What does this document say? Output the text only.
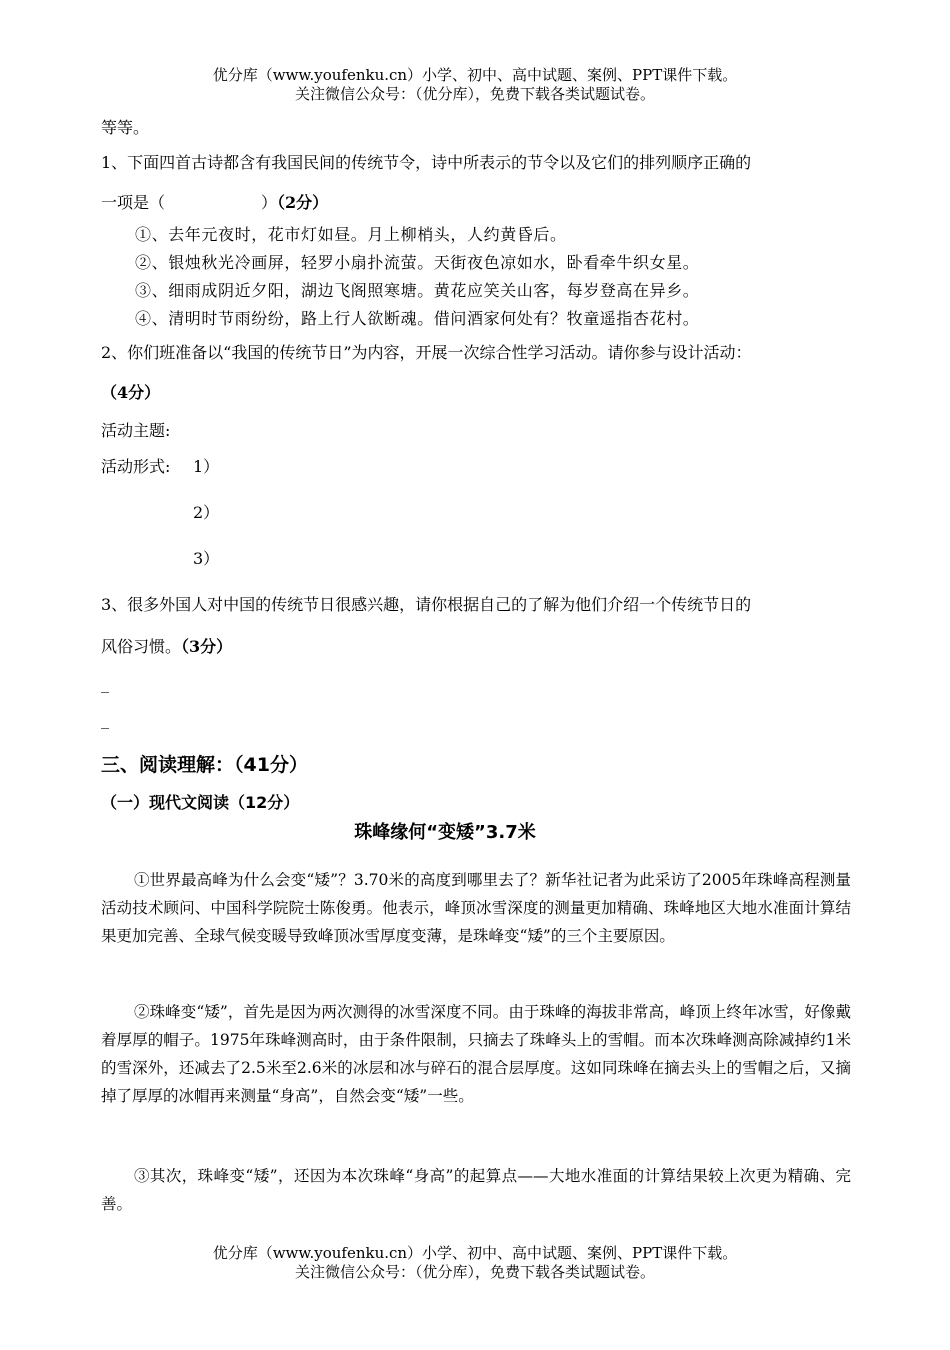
优分库（www.youfenku.cn）小学、初中、高中试题、案例、PPT课件下载。
关注微信公众号：（优分库），免费下载各类试题试卷。
等等。
1、下面四首古诗都含有我国民间的传统节令，诗中所表示的节令以及它们的排列顺序正确的
一项是（　　　　　　）（2分）
①、去年元夜时，花市灯如昼。月上柳梢头，人约黄昏后。
②、银烛秋光冷画屏，轻罗小扇扑流萤。天街夜色凉如水，卧看牵牛织女星。
③、细雨成阴近夕阳，湖边飞阁照寒塘。黄花应笑关山客，每岁登高在异乡。
④、清明时节雨纷纷，路上行人欲断魂。借问酒家何处有？牧童遥指杏花村。
2、你们班准备以“我国的传统节日”为内容，开展一次综合性学习活动。请你参与设计活动：
（4分）
活动主题:
活动形式: 1）
2）
3）
3、很多外国人对中国的传统节日很感兴趣，请你根据自己的了解为他们介绍一个传统节日的
风俗习惯。（3分）
_
_
三、阅读理解：（41分）
（一）现代文阅读（12分）
珠峰缘何“变矮”3.7米
①世界最高峰为什么会变“矮”？3.70米的高度到哪里去了？新华社记者为此采访了2005年珠峰高程测量活动技术顾问、中国科学院院士陈俊勇。他表示，峰顶冰雪深度的测量更加精确、珠峰地区大地水准面计算结果更加完善、全球气候变暖导致峰顶冰雪厚度变薄，是珠峰变“矮”的三个主要原因。
②珠峰变“矮”，首先是因为两次测得的冰雪深度不同。由于珠峰的海拔非常高，峰顶上终年冰雪，好像戴着厚厚的帽子。1975年珠峰测高时，由于条件限制，只摘去了珠峰头上的雪帽。而本次珠峰测高除减掉约1米的雪深外，还减去了2.5米至2.6米的冰层和冰与碎石的混合层厚度。这如同珠峰在摘去头上的雪帽之后，又摘掉了厚厚的冰帽再来测量“身高”，自然会变“矮”一些。
③其次，珠峰变“矮”，还因为本次珠峰“身高”的起算点——大地水准面的计算结果较上次更为精确、完善。
优分库（www.youfenku.cn）小学、初中、高中试题、案例、PPT课件下载。
关注微信公众号：（优分库），免费下载各类试题试卷。
